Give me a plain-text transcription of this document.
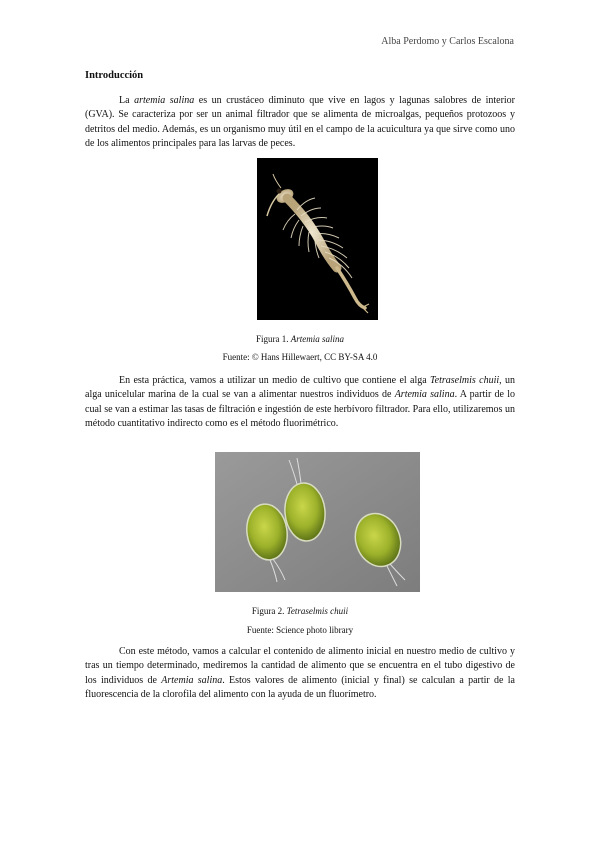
Alba Perdomo y Carlos Escalona
Introducción

La artemia salina es un crustáceo diminuto que vive en lagos y lagunas salobres de interior (GVA). Se caracteriza por ser un animal filtrador que se alimenta de microalgas, pequeños protozoos y detritos del medio. Además, es un organismo muy útil en el campo de la acuicultura ya que sirve como uno de los alimentos principales para las larvas de peces.

Figura 1. Artemia salina
Fuente: © Hans Hillewaert, CC BY-SA 4.0

En esta práctica, vamos a utilizar un medio de cultivo que contiene el alga Tetraselmis chuii, un alga unicelular marina de la cual se van a alimentar nuestros individuos de Artemia salina. A partir de lo cual se van a estimar las tasas de filtración e ingestión de este herbívoro filtrador. Para ello, utilizaremos un método cuantitativo indirecto como es el método fluorimétrico.

Figura 2. Tetraselmis chuii
Fuente: Science photo library

Con este método, vamos a calcular el contenido de alimento inicial en nuestro medio de cultivo y tras un tiempo determinado, mediremos la cantidad de alimento que se encuentra en el tubo digestivo de los individuos de Artemia salina. Estos valores de alimento (inicial y final) se calculan a partir de la fluorescencia de la clorofila del alimento con la ayuda de un fluorímetro.
